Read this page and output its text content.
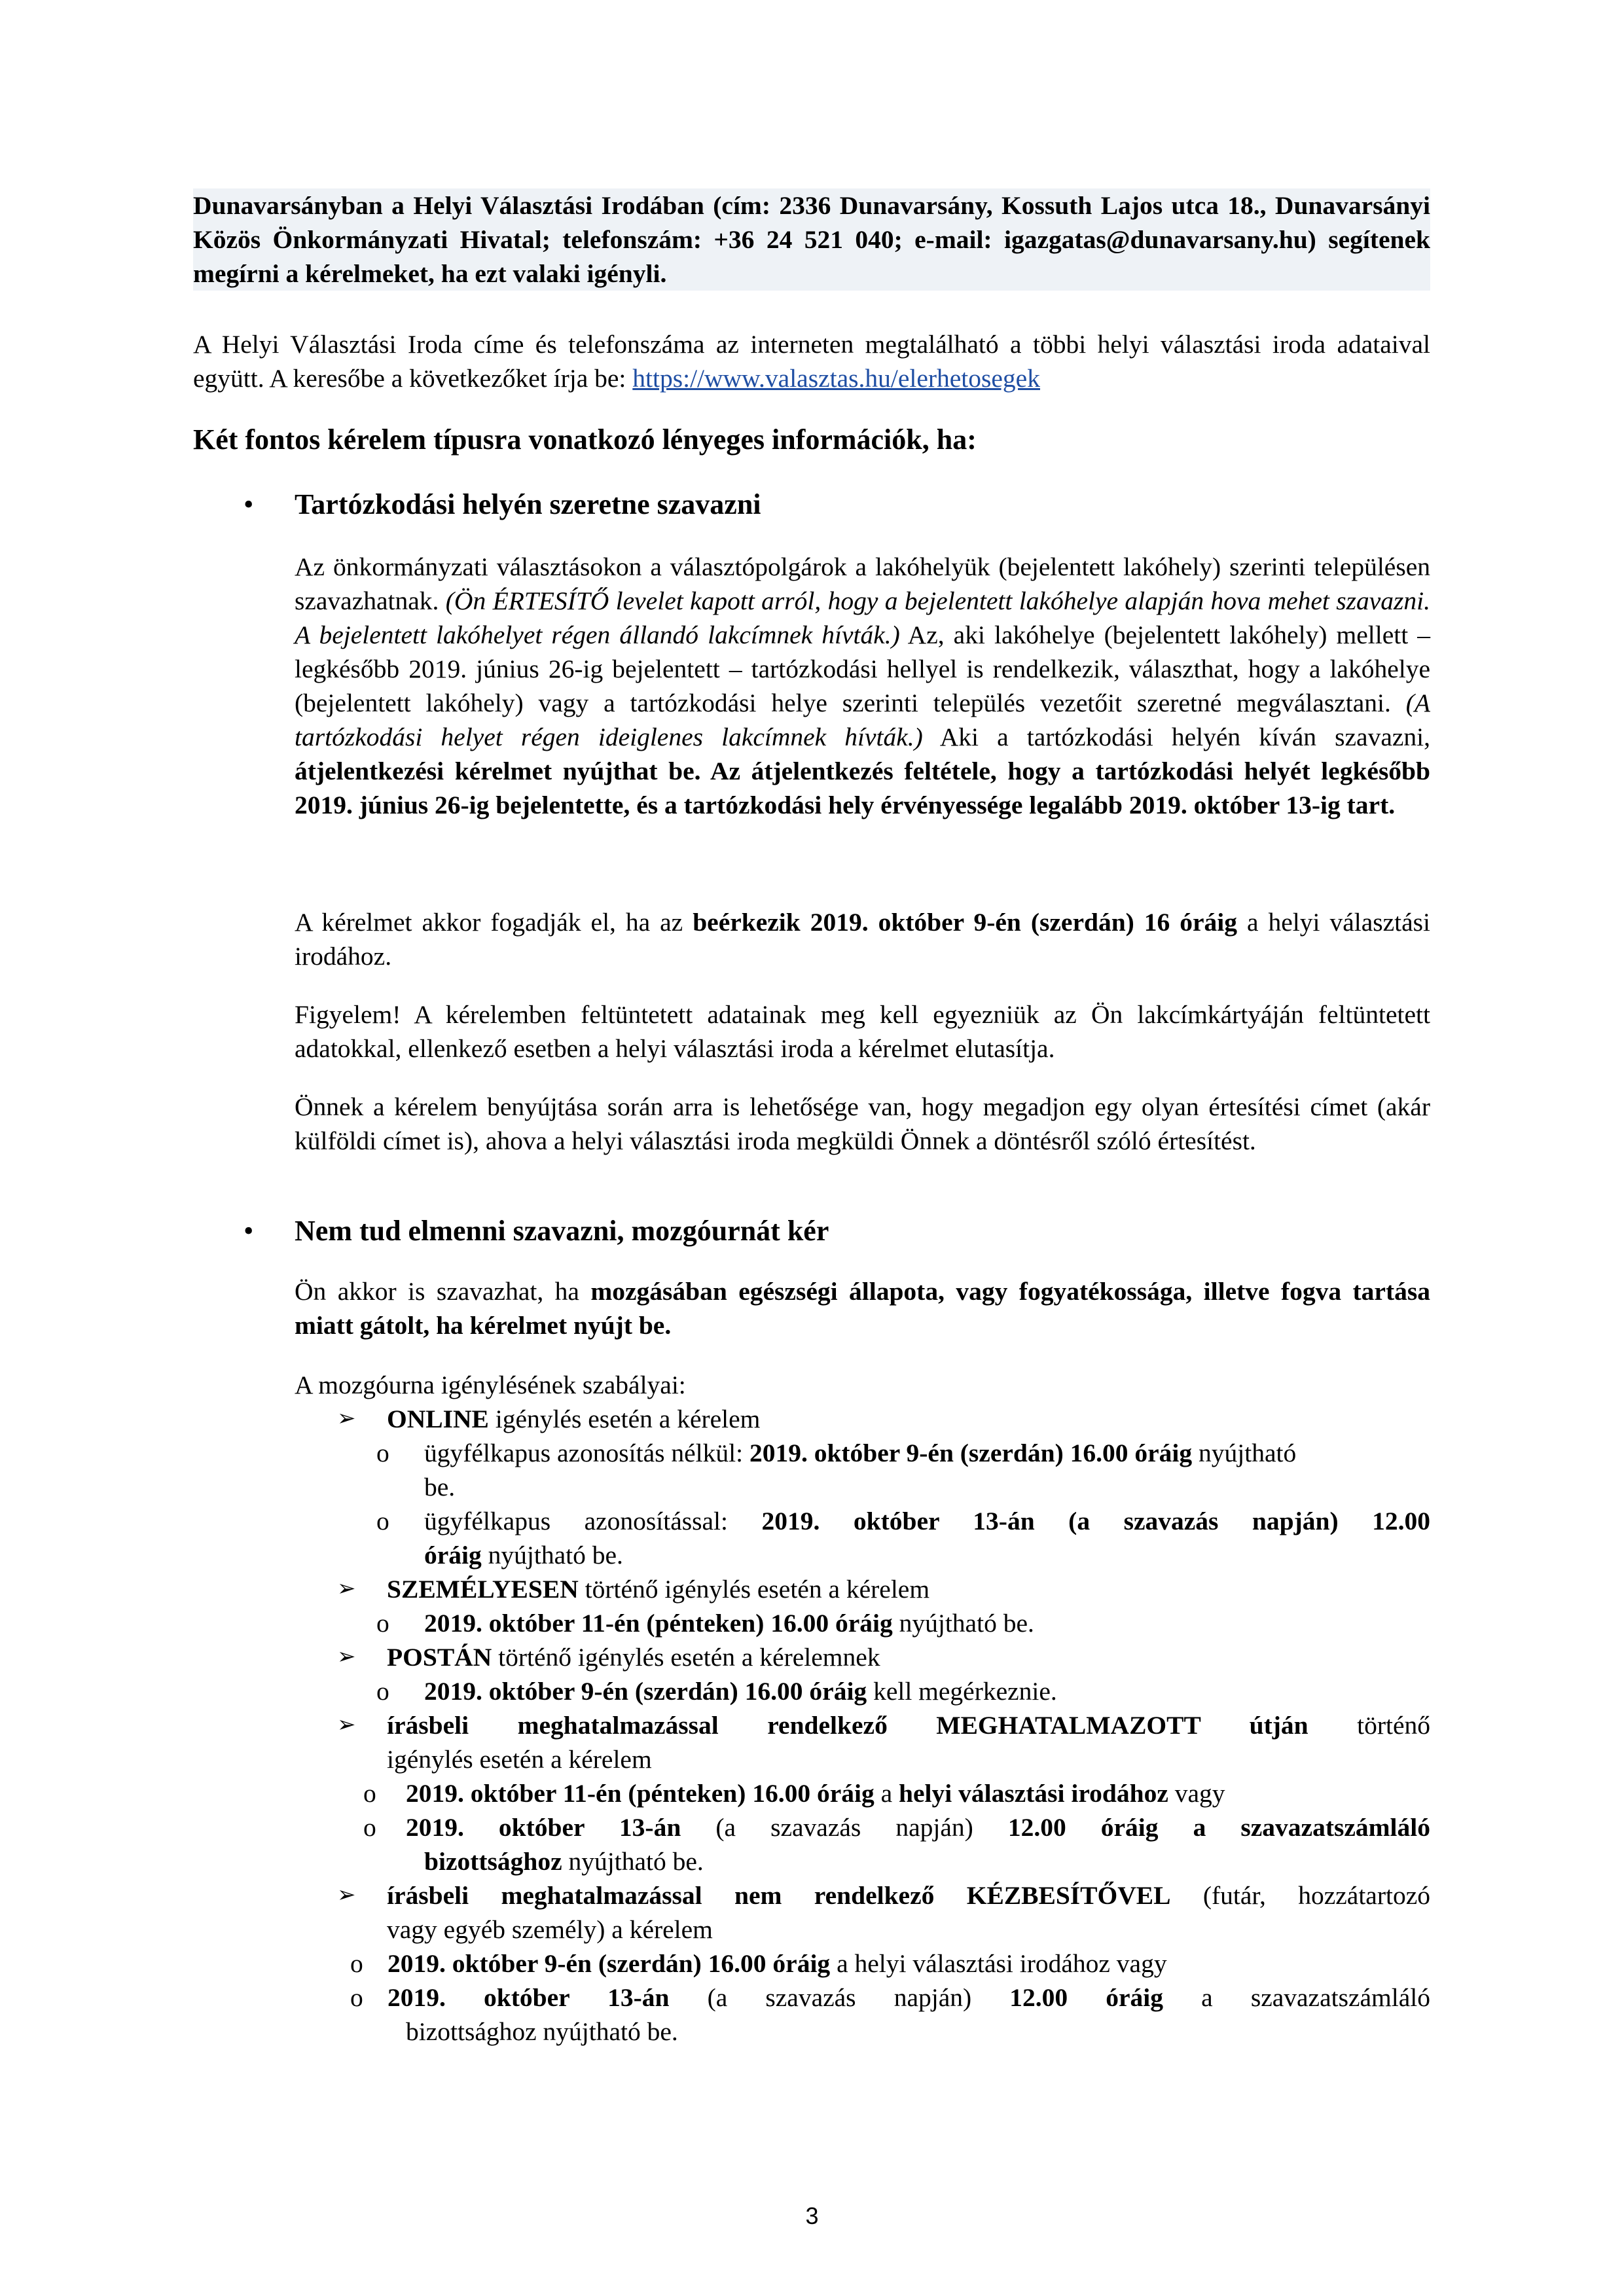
Dunavarsányban a Helyi Választási Irodában (cím: 2336 Dunavarsány, Kossuth Lajos utca 18., Dunavarsányi Közös Önkormányzati Hivatal; telefonszám: +36 24 521 040; e-mail: igazgatas@dunavarsany.hu) segítenek megírni a kérelmeket, ha ezt valaki igényli.

A Helyi Választási Iroda címe és telefonszáma az interneten megtalálható a többi helyi választási iroda adataival együtt. A keresőbe a következőket írja be: https://www.valasztas.hu/elerhetosegek

Két fontos kérelem típusra vonatkozó lényeges információk, ha:

• Tartózkodási helyén szeretne szavazni

Az önkormányzati választásokon a választópolgárok a lakóhelyük (bejelentett lakóhely) szerinti településen szavazhatnak. (Ön ÉRTESÍTŐ levelet kapott arról, hogy a bejelentett lakóhelye alapján hova mehet szavazni. A bejelentett lakóhelyet régen állandó lakcímnek hívták.) Az, aki lakóhelye (bejelentett lakóhely) mellett – legkésőbb 2019. június 26-ig bejelentett – tartózkodási hellyel is rendelkezik, választhat, hogy a lakóhelye (bejelentett lakóhely) vagy a tartózkodási helye szerinti település vezetőit szeretné megválasztani. (A tartózkodási helyet régen ideiglenes lakcímnek hívták.) Aki a tartózkodási helyén kíván szavazni, átjelentkezési kérelmet nyújthat be. Az átjelentkezés feltétele, hogy a tartózkodási helyét legkésőbb 2019. június 26-ig bejelentette, és a tartózkodási hely érvényessége legalább 2019. október 13-ig tart.

A kérelmet akkor fogadják el, ha az beérkezik 2019. október 9-én (szerdán) 16 óráig a helyi választási irodához.

Figyelem! A kérelemben feltüntetett adatainak meg kell egyezniük az Ön lakcímkártyáján feltüntetett adatokkal, ellenkező esetben a helyi választási iroda a kérelmet elutasítja.

Önnek a kérelem benyújtása során arra is lehetősége van, hogy megadjon egy olyan értesítési címet (akár külföldi címet is), ahova a helyi választási iroda megküldi Önnek a döntésről szóló értesítést.

• Nem tud elmenni szavazni, mozgóurnát kér

Ön akkor is szavazhat, ha mozgásában egészségi állapota, vagy fogyatékossága, illetve fogva tartása miatt gátolt, ha kérelmet nyújt be.

A mozgóurna igénylésének szabályai:
➢ ONLINE igénylés esetén a kérelem
o ügyfélkapus azonosítás nélkül: 2019. október 9-én (szerdán) 16.00 óráig nyújtható
be.
o ügyfélkapus azonosítással: 2019. október 13-án (a szavazás napján) 12.00
óráig nyújtható be.
➢ SZEMÉLYESEN történő igénylés esetén a kérelem
o 2019. október 11-én (pénteken) 16.00 óráig nyújtható be.
➢ POSTÁN történő igénylés esetén a kérelemnek
o 2019. október 9-én (szerdán) 16.00 óráig kell megérkeznie.
➢ írásbeli meghatalmazással rendelkező MEGHATALMAZOTT útján történő
igénylés esetén a kérelem
o 2019. október 11-én (pénteken) 16.00 óráig a helyi választási irodához vagy
o 2019. október 13-án (a szavazás napján) 12.00 óráig a szavazatszámláló
bizottsághoz nyújtható be.
➢ írásbeli meghatalmazással nem rendelkező KÉZBESÍTŐVEL (futár, hozzátartozó
vagy egyéb személy) a kérelem
o 2019. október 9-én (szerdán) 16.00 óráig a helyi választási irodához vagy
o 2019. október 13-án (a szavazás napján) 12.00 óráig a szavazatszámláló
bizottsághoz nyújtható be.
3
